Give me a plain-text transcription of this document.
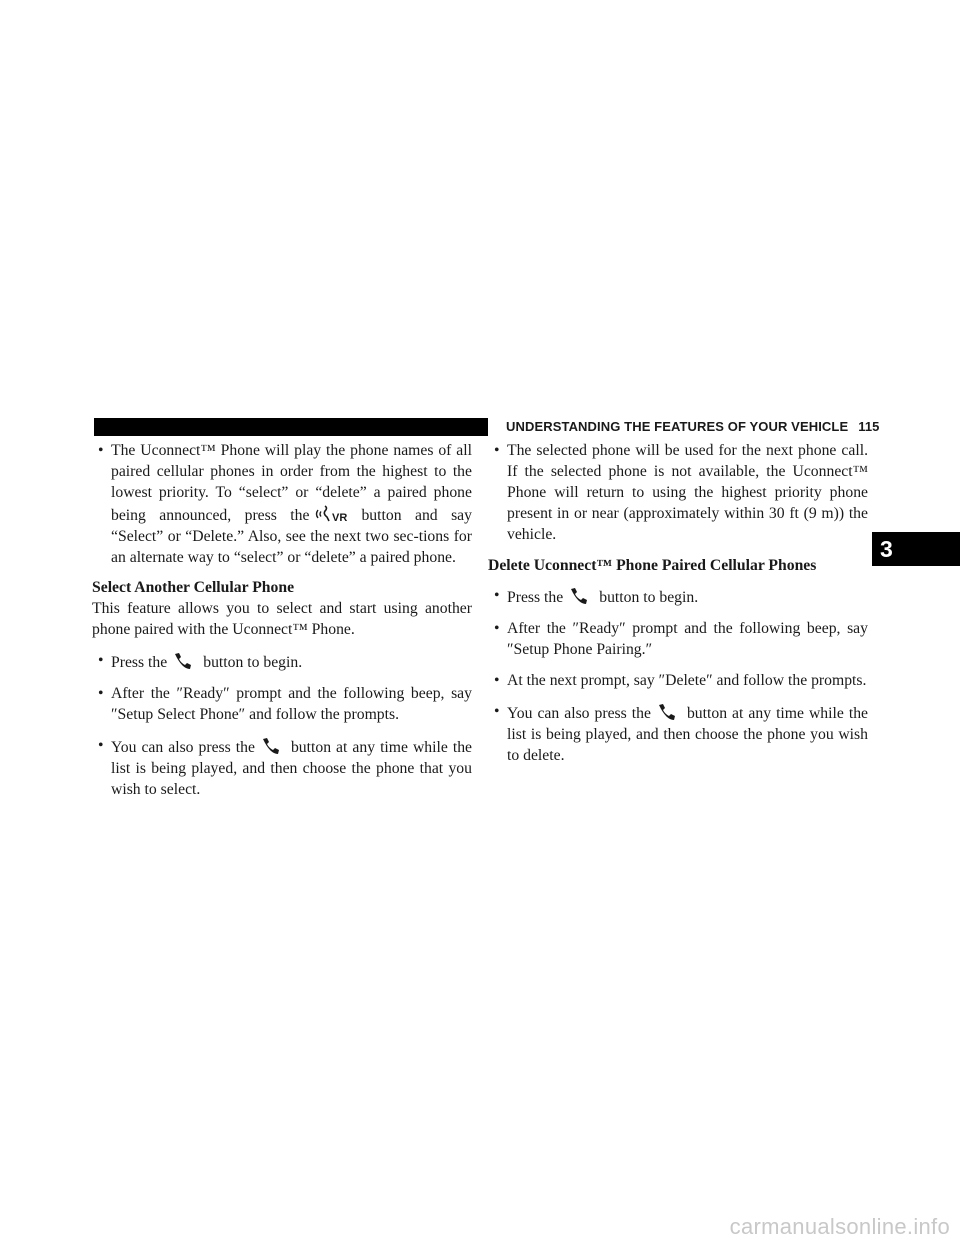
UNDERSTANDING THE FEATURES OF YOUR VEHICLE 115

• The Uconnect™ Phone will play the phone names of all paired cellular phones in order from the highest to the lowest priority. To “select” or “delete” a paired phone being announced, press the VR button and say “Select” or “Delete.” Also, see the next two sec-tions for an alternate way to “select” or “delete” a paired phone.

Select Another Cellular Phone

This feature allows you to select and start using another phone paired with the Uconnect™ Phone.

• Press the button to begin.

• After the ″Ready″ prompt and the following beep, say ″Setup Select Phone″ and follow the prompts.

• You can also press the button at any time while the list is being played, and then choose the phone that you wish to select.

• The selected phone will be used for the next phone call. If the selected phone is not available, the Uconnect™ Phone will return to using the highest priority phone present in or near (approximately within 30 ft (9 m)) the vehicle.

Delete Uconnect™ Phone Paired Cellular Phones

• Press the button to begin.

• After the ″Ready″ prompt and the following beep, say ″Setup Phone Pairing.″

• At the next prompt, say ″Delete″ and follow the prompts.

• You can also press the button at any time while the list is being played, and then choose the phone you wish to delete.

3
carmanualsonline.info
